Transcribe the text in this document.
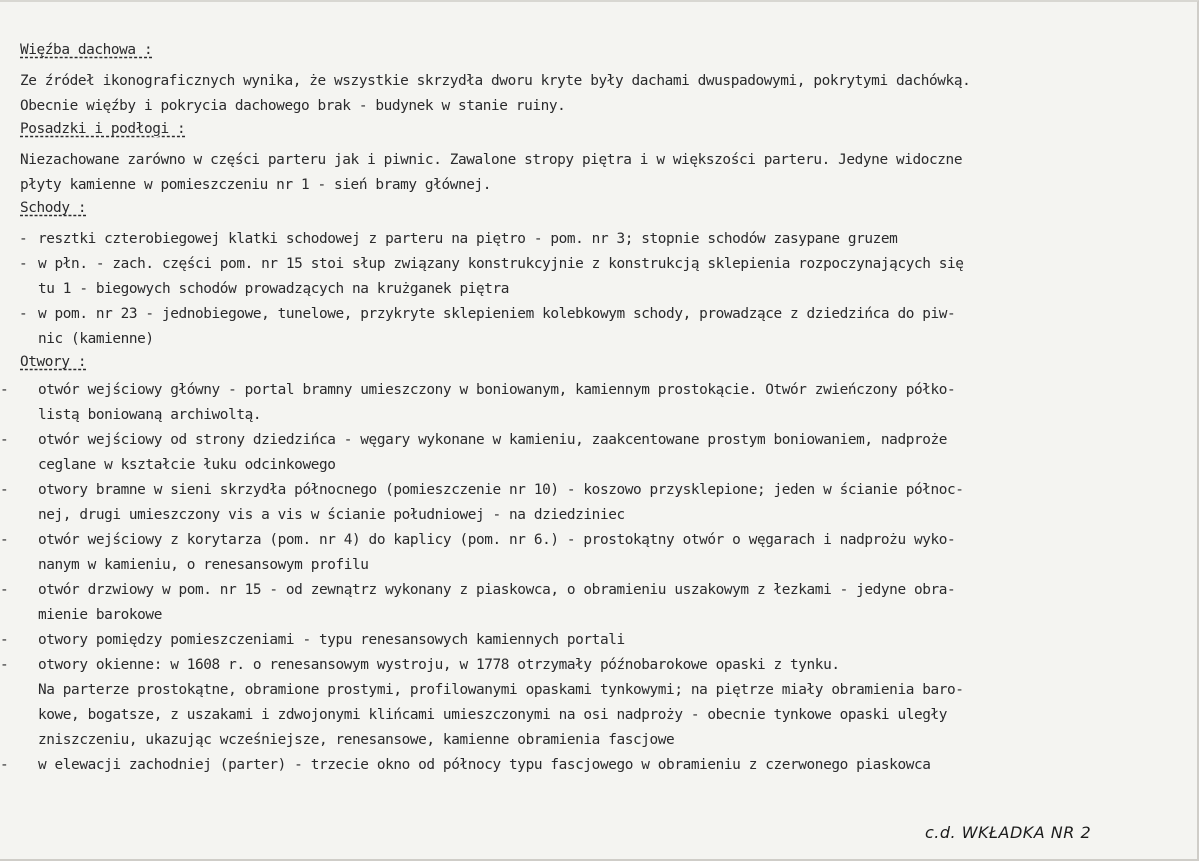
Więźba dachowa :
Ze źródeł ikonograficznych wynika, że wszystkie skrzydła dworu kryte były dachami dwuspadowymi, pokrytymi dachówką.
Obecnie więźby i pokrycia dachowego brak - budynek w stanie ruiny.
Posadzki i podłogi :
Niezachowane zarówno w części parteru jak i piwnic. Zawalone stropy piętra i w większości parteru. Jedyne widoczne
płyty kamienne w pomieszczeniu nr 1 - sień bramy głównej.
Schody :
- resztki czterobiegowej klatki schodowej z parteru na piętro - pom. nr 3; stopnie schodów zasypane gruzem
- w płn. - zach. części pom. nr 15 stoi słup związany konstrukcyjnie z konstrukcją sklepienia rozpoczynających się
tu 1 - biegowych schodów prowadzących na krużganek piętra
- w pom. nr 23 - jednobiegowe, tunelowe, przykryte sklepieniem kolebkowym schody, prowadzące z dziedzińca do piw-
nic (kamienne)
Otwory :
- otwór wejściowy główny - portal bramny umieszczony w boniowanym, kamiennym prostokącie. Otwór zwieńczony półko-
listą boniowaną archiwoltą.
- otwór wejściowy od strony dziedzińca - węgary wykonane w kamieniu, zaakcentowane prostym boniowaniem, nadproże
ceglane w kształcie łuku odcinkowego
- otwory bramne w sieni skrzydła północnego (pomieszczenie nr 10) - koszowo przysklepione; jeden w ścianie północ-
nej, drugi umieszczony vis a vis w ścianie południowej - na dziedziniec
- otwór wejściowy z korytarza (pom. nr 4) do kaplicy (pom. nr 6.) - prostokątny otwór o węgarach i nadprożu wyko-
nanym w kamieniu, o renesansowym profilu
- otwór drzwiowy w pom. nr 15 - od zewnątrz wykonany z piaskowca, o obramieniu uszakowym z łezkami - jedyne obra-
mienie barokowe
- otwory pomiędzy pomieszczeniami - typu renesansowych kamiennych portali
- otwory okienne: w 1608 r. o renesansowym wystroju, w 1778 otrzymały późnobarokowe opaski z tynku.
Na parterze prostokątne, obramione prostymi, profilowanymi opaskami tynkowymi; na piętrze miały obramienia baro-
kowe, bogatsze, z uszakami i zdwojonymi klińcami umieszczonymi na osi nadproży - obecnie tynkowe opaski uległy
zniszczeniu, ukazując wcześniejsze, renesansowe, kamienne obramienia fascjowe
- w elewacji zachodniej (parter) - trzecie okno od północy typu fascjowego w obramieniu z czerwonego piaskowca
c.d. WKŁADKA NR 2
